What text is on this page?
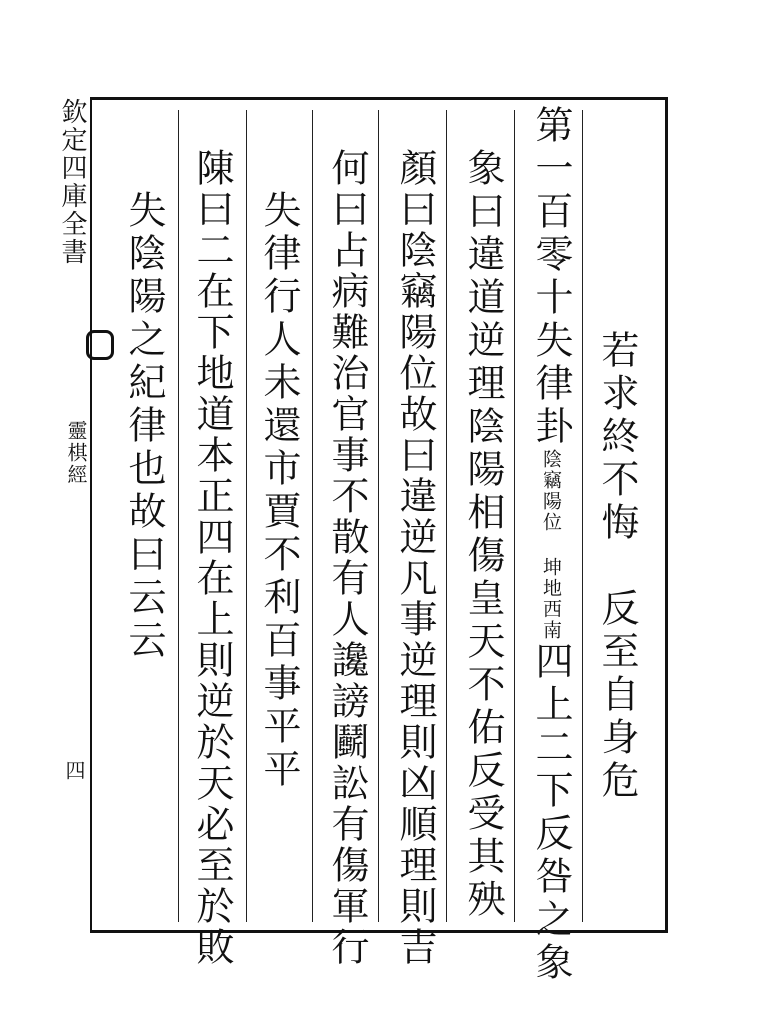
欽定四庫全書
靈棋經
四	若求終不悔　反至自身危
第一百零十失律卦陰竊陽位 坤地西南四上二下反咎之象
象曰違道逆理陰陽相傷皇天不佑反受其殃
顏曰陰竊陽位故曰違逆凡事逆理則凶順理則吉
何曰占病難治官事不散有人讒謗鬬訟有傷軍行
失律行人未還市賈不利百事平平
陳曰二在下地道本正四在上則逆於天必至於敗
失陰陽之紀律也故曰云云
